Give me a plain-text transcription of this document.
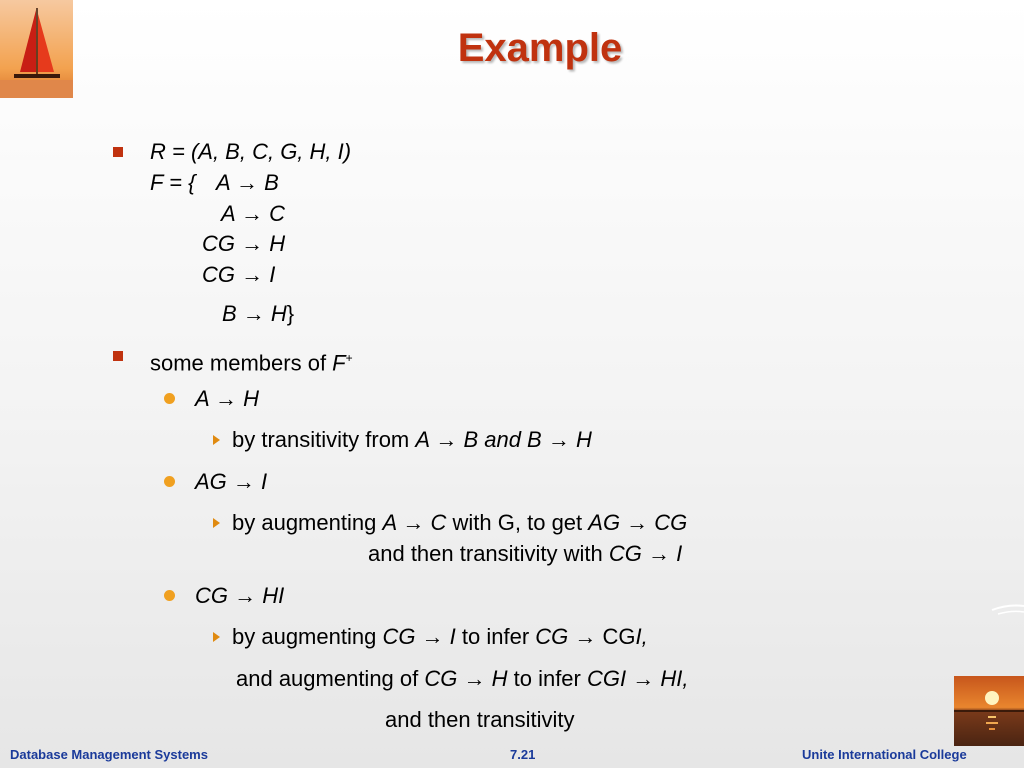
Example
R = (A, B, C, G, H, I)
F = { A → B
A → C
CG → H
CG → I
B → H}
some members of F+
A → H
by transitivity from A → B and B → H
AG → I
by augmenting A → C with G, to get AG → CG
and then transitivity with CG → I
CG → HI
by augmenting CG → I to infer CG → CGI,
and augmenting of CG → H to infer CGI → HI,
and then transitivity
Database Management Systems	7.21	Unite International College
